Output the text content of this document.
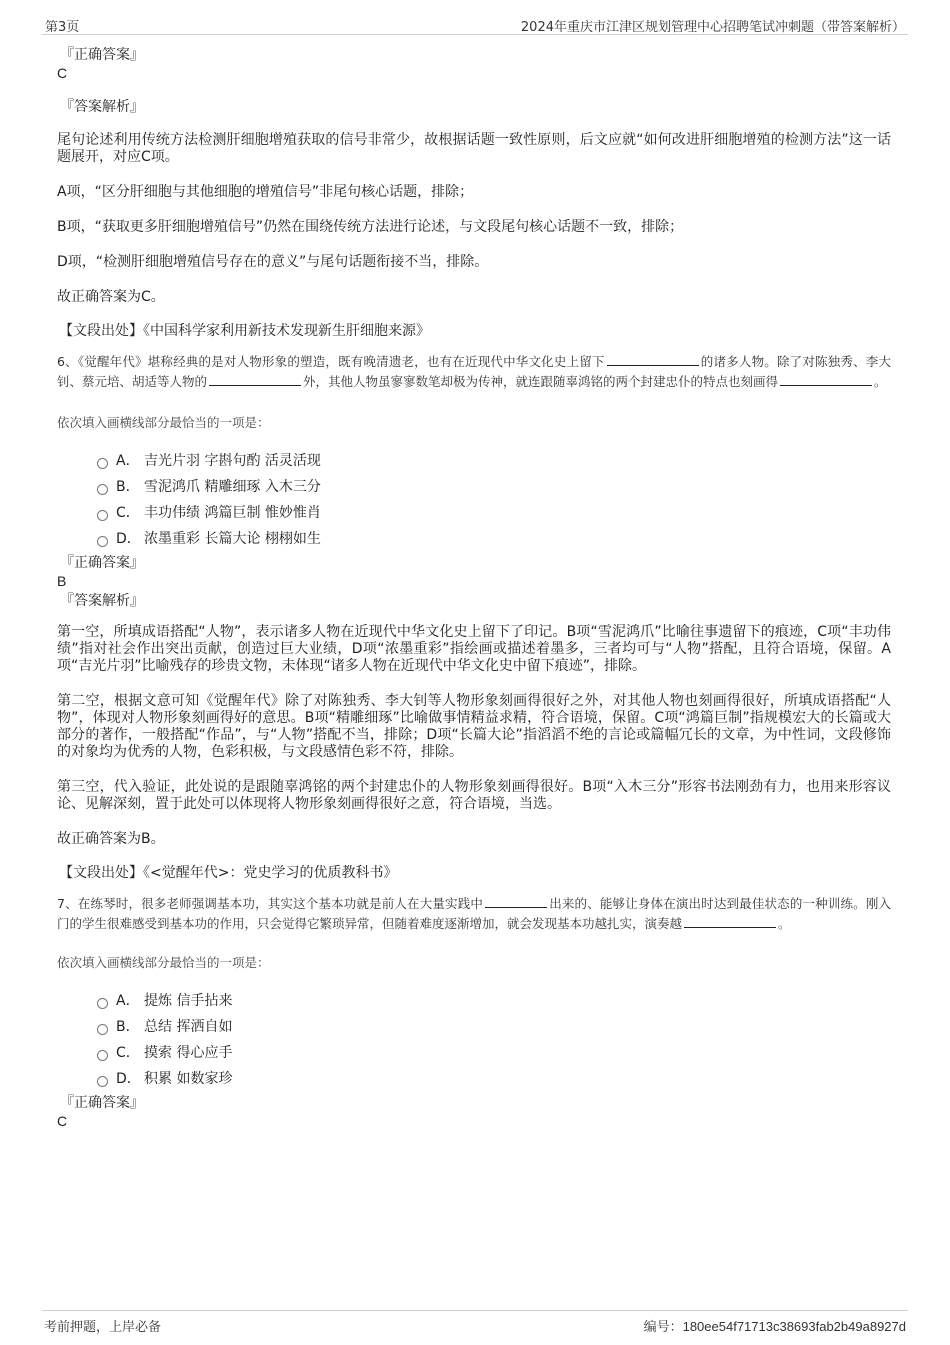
第3页	2024年重庆市江津区规划管理中心招聘笔试冲刺题（带答案解析）
『正确答案』
C
『答案解析』

尾句论述利用传统方法检测肝细胞增殖获取的信号非常少，故根据话题一致性原则，后文应就“如何改进肝细胞增殖的检测方法”这一话题展开，对应C项。

A项，“区分肝细胞与其他细胞的增殖信号”非尾句核心话题，排除；

B项，“获取更多肝细胞增殖信号”仍然在围绕传统方法进行论述，与文段尾句核心话题不一致，排除；

D项，“检测肝细胞增殖信号存在的意义”与尾句话题衔接不当，排除。

故正确答案为C。

【文段出处】《中国科学家利用新技术发现新生肝细胞来源》

6、《觉醒年代》堪称经典的是对人物形象的塑造，既有晚清遗老，也有在近现代中华文化史上留下	的诸多人物。除了对陈独秀、李大钊、蔡元培、胡适等人物的	外，其他人物虽寥寥数笔却极为传神，就连跟随辜鸿铭的两个封建忠仆的特点也刻画得	。

依次填入画横线部分最恰当的一项是：
A． 吉光片羽 字斟句酌 活灵活现
B． 雪泥鸿爪 精雕细琢 入木三分
C． 丰功伟绩 鸿篇巨制 惟妙惟肖
D． 浓墨重彩 长篇大论 栩栩如生
『正确答案』
B
『答案解析』

第一空，所填成语搭配“人物”，表示诸多人物在近现代中华文化史上留下了印记。B项“雪泥鸿爪”比喻往事遗留下的痕迹，C项“丰功伟绩”指对社会作出突出贡献，创造过巨大业绩，D项“浓墨重彩”指绘画或描述着墨多，三者均可与“人物”搭配，且符合语境，保留。A项“吉光片羽”比喻残存的珍贵文物，未体现“诸多人物在近现代中华文化史中留下痕迹”，排除。

第二空，根据文意可知《觉醒年代》除了对陈独秀、李大钊等人物形象刻画得很好之外，对其他人物也刻画得很好，所填成语搭配“人物”，体现对人物形象刻画得好的意思。B项“精雕细琢”比喻做事情精益求精，符合语境，保留。C项“鸿篇巨制”指规模宏大的长篇或大部分的著作，一般搭配“作品”，与“人物”搭配不当，排除；D项“长篇大论”指滔滔不绝的言论或篇幅冗长的文章，为中性词，文段修饰的对象均为优秀的人物，色彩积极，与文段感情色彩不符，排除。

第三空，代入验证，此处说的是跟随辜鸿铭的两个封建忠仆的人物形象刻画得很好。B项“入木三分”形容书法刚劲有力，也用来形容议论、见解深刻，置于此处可以体现将人物形象刻画得很好之意，符合语境，当选。

故正确答案为B。

【文段出处】《<觉醒年代>：党史学习的优质教科书》

7、在练琴时，很多老师强调基本功，其实这个基本功就是前人在大量实践中	出来的、能够让身体在演出时达到最佳状态的一种训练。刚入门的学生很难感受到基本功的作用，只会觉得它繁琐异常，但随着难度逐渐增加，就会发现基本功越扎实，演奏越	。

依次填入画横线部分最恰当的一项是：
A． 提炼 信手拈来
B． 总结 挥洒自如
C． 摸索 得心应手
D． 积累 如数家珍
『正确答案』
C
考前押题，上岸必备	编号：180ee54f71713c38693fab2b49a8927d
